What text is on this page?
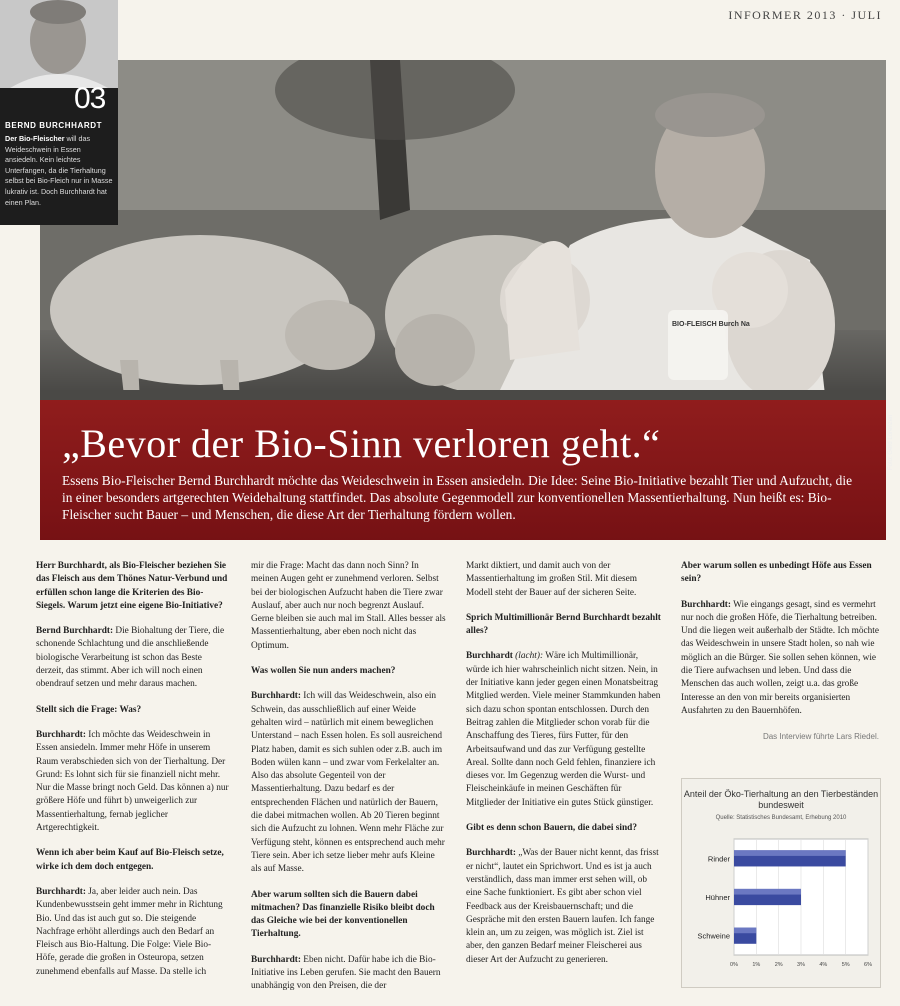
INFORMER 2013 · JULI
BIO-FLEISCH Burch Na
„Bevor der Bio-Sinn verloren geht.“
Essens Bio-Fleischer Bernd Burchhardt möchte das Weideschwein in Essen ansiedeln. Die Idee: Seine Bio-Initiative bezahlt Tier und Aufzucht, die in einer besonders artgerechten Weidehaltung stattfindet. Das absolute Gegenmodell zur konventionellen Massentierhaltung. Nun heißt es: Bio-Fleischer sucht Bauer – und Menschen, die diese Art der Tierhaltung fördern wollen.
Foto: Gerd Lorenzen
03
BERND BURCHHARDT
Der Bio-Fleischer will das Weideschwein in Essen ansiedeln. Kein leichtes Unterfangen, da die Tierhaltung selbst bei Bio-Fleich nur in Masse lukrativ ist. Doch Burchhardt hat einen Plan.

Herr Burchhardt, als Bio-Fleischer beziehen Sie das Fleisch aus dem Thönes Natur-Verbund und erfüllen schon lange die Kriterien des Bio-Siegels. Warum jetzt eine eigene Bio-Initiative?

Bernd Burchhardt: Die Biohaltung der Tiere, die schonende Schlachtung und die anschließende biologische Verarbeitung ist schon das Beste derzeit, das stimmt. Aber ich will noch einen obendrauf setzen und mehr daraus machen.

Stellt sich die Frage: Was?

Burchhardt: Ich möchte das Weideschwein in Essen ansiedeln. Immer mehr Höfe in unserem Raum verabschieden sich von der Tierhaltung. Der Grund: Es lohnt sich für sie finanziell nicht mehr. Nur die Masse bringt noch Geld. Das können a) nur größere Höfe und führt b) unweigerlich zur Massentierhaltung, fernab jeglicher Artgerechtigkeit.

Wenn ich aber beim Kauf auf Bio-Fleisch setze, wirke ich dem doch entgegen.

Burchhardt: Ja, aber leider auch nein. Das Kundenbewusstsein geht immer mehr in Richtung Bio. Und das ist auch gut so. Die steigende Nachfrage erhöht allerdings auch den Bedarf an Fleisch aus Bio-Haltung. Die Folge: Viele Bio-Höfe, gerade die großen in Osteuropa, setzen zunehmend ebenfalls auf Masse. Da stelle ich

mir die Frage: Macht das dann noch Sinn? In meinen Augen geht er zunehmend verloren. Selbst bei der biologischen Aufzucht haben die Tiere zwar Auslauf, aber auch nur noch begrenzt Auslauf. Gerne bleiben sie auch mal im Stall. Alles besser als Massentierhaltung, aber eben noch nicht das Optimum.

Was wollen Sie nun anders machen?

Burchhardt: Ich will das Weideschwein, also ein Schwein, das ausschließlich auf einer Weide gehalten wird – natürlich mit einem beweglichen Unterstand – nach Essen holen. Es soll ausreichend Platz haben, damit es sich suhlen oder z.B. auch im Boden wülen kann – und zwar vom Ferkelalter an. Also das absolute Gegenteil von der Massentierhaltung. Dazu bedarf es der entsprechenden Flächen und natürlich der Bauern, die dabei mitmachen wollen. Ab 20 Tieren beginnt sich die Aufzucht zu lohnen. Wenn mehr Fläche zur Verfügung steht, können es entsprechend auch mehr Tiere sein. Aber ich setze lieber mehr aufs Kleine als auf Masse.

Aber warum sollten sich die Bauern dabei mitmachen? Das finanzielle Risiko bleibt doch das Gleiche wie bei der konventionellen Tierhaltung.

Burchhardt: Eben nicht. Dafür habe ich die Bio-Initiative ins Leben gerufen. Sie macht den Bauern unabhängig von den Preisen, die der

Markt diktiert, und damit auch von der Massentierhaltung im großen Stil. Mit diesem Modell steht der Bauer auf der sicheren Seite.

Sprich Multimillionär Bernd Burchhardt bezahlt alles?

Burchhardt (lacht): Wäre ich Multimillionär, würde ich hier wahrscheinlich nicht sitzen. Nein, in der Initiative kann jeder gegen einen Monatsbeitrag Mitglied werden. Viele meiner Stammkunden haben sich dazu schon spontan entschlossen. Durch den Beitrag zahlen die Mitglieder schon vorab für die Anschaffung des Tieres, fürs Futter, für den Arbeitsaufwand und das zur Verfügung gestellte Areal. Sollte dann noch Geld fehlen, finanziere ich dieses vor. Im Gegenzug werden die Wurst- und Fleischeinkäufe in meinen Geschäften für Mitglieder der Initiative ein gutes Stück günstiger.

Gibt es denn schon Bauern, die dabei sind?

Burchhardt: „Was der Bauer nicht kennt, das frisst er nicht“, lautet ein Sprichwort. Und es ist ja auch verständlich, dass man immer erst sehen will, ob eine Sache funktioniert. Es gibt aber schon viel Feedback aus der Kreisbauernschaft; und die Gespräche mit den ersten Bauern laufen. Ich fange klein an, um zu zeigen, was möglich ist. Ziel ist aber, den ganzen Bedarf meiner Fleischerei aus dieser Art der Aufzucht zu generieren.

Aber warum sollen es unbedingt Höfe aus Essen sein?

Burchhardt: Wie eingangs gesagt, sind es vermehrt nur noch die großen Höfe, die Tierhaltung betreiben. Und die liegen weit außerhalb der Städte. Ich möchte das Weideschwein in unsere Stadt holen, so nah wie möglich an die Bürger. Sie sollen sehen können, wie die Tiere aufwachsen und leben. Und dass die Menschen das auch wollen, zeigt u.a. das große Interesse an den von mir bereits organisierten Ausfahrten zu den Bauernhöfen.

Das Interview führte Lars Riedel.
Anteil der Öko-Tierhaltung an den Tierbeständen bundesweit
Quelle: Statistisches Bundesamt, Erhebung 2010
0%	1%	2%	3%	4%	5%	6%
Rinder
Hühner
Schweine
